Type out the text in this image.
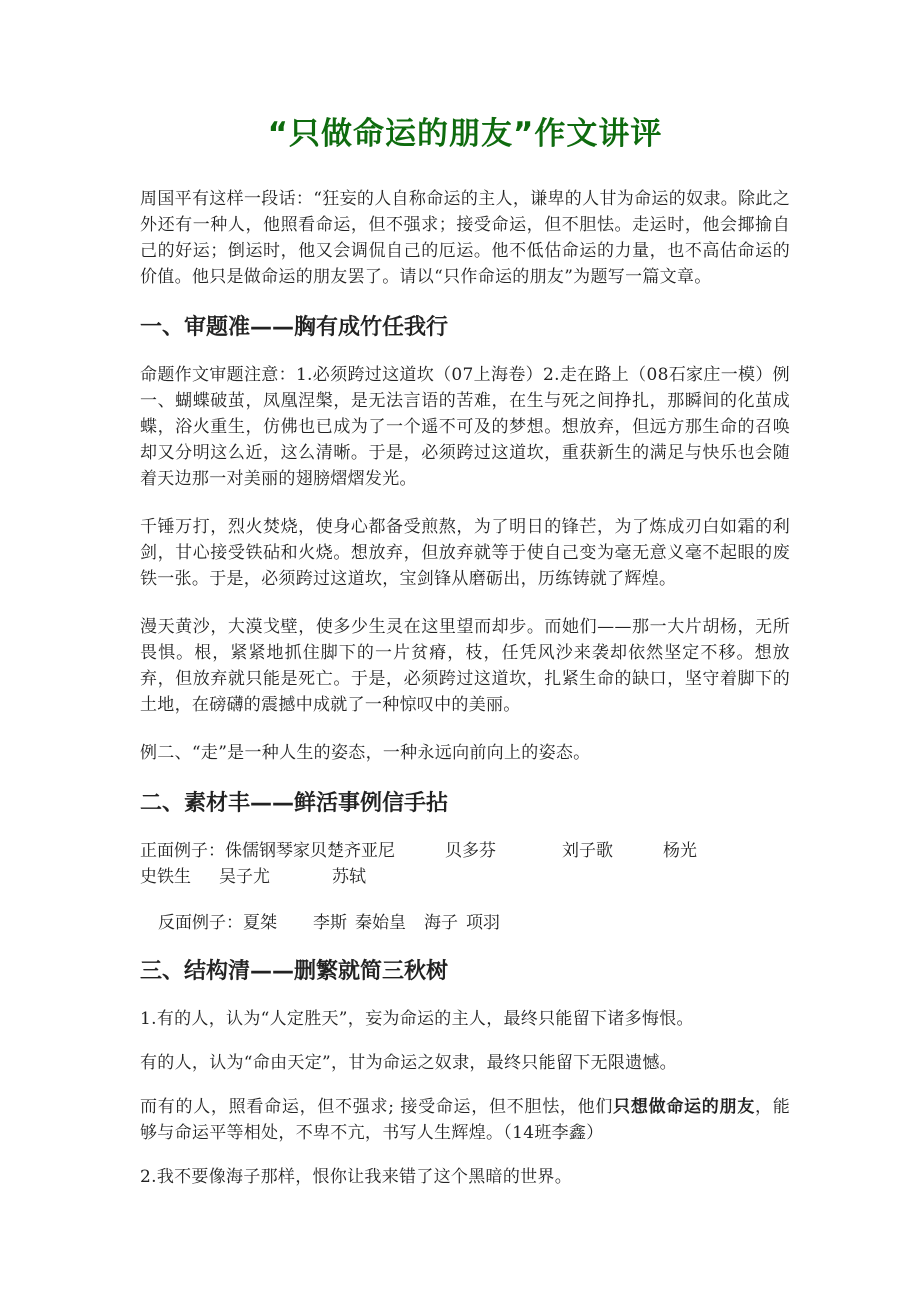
“只做命运的朋友”作文讲评

周国平有这样一段话：“狂妄的人自称命运的主人，谦卑的人甘为命运的奴隶。除此之外还有一种人，他照看命运，但不强求；接受命运，但不胆怯。走运时，他会揶揄自己的好运；倒运时，他又会调侃自己的厄运。他不低估命运的力量，也不高估命运的价值。他只是做命运的朋友罢了。请以“只作命运的朋友”为题写一篇文章。

一、审题准——胸有成竹任我行

命题作文审题注意：1.必须跨过这道坎（07上海卷）2.走在路上（08石家庄一模）例一、蝴蝶破茧，凤凰涅槃，是无法言语的苦难，在生与死之间挣扎，那瞬间的化茧成蝶，浴火重生，仿佛也已成为了一个遥不可及的梦想。想放弃，但远方那生命的召唤却又分明这么近，这么清晰。于是，必须跨过这道坎，重获新生的满足与快乐也会随着天边那一对美丽的翅膀熠熠发光。

千锤万打，烈火焚烧，使身心都备受煎熬，为了明日的锋芒，为了炼成刃白如霜的利剑，甘心接受铁砧和火烧。想放弃，但放弃就等于使自己变为毫无意义毫不起眼的废铁一张。于是，必须跨过这道坎，宝剑锋从磨砺出，历练铸就了辉煌。

漫天黄沙，大漠戈壁，使多少生灵在这里望而却步。而她们——那一大片胡杨，无所畏惧。根，紧紧地抓住脚下的一片贫瘠，枝，任凭风沙来袭却依然坚定不移。想放弃，但放弃就只能是死亡。于是，必须跨过这道坎，扎紧生命的缺口，坚守着脚下的土地，在磅礴的震撼中成就了一种惊叹中的美丽。

例二、“走”是一种人生的姿态，一种永远向前向上的姿态。

二、素材丰——鲜活事例信手拈
正面例子： 侏儒钢琴家贝楚齐亚尼	贝多芬	刘子歌	杨光
史铁生 吴子尤	苏轼
反面例子： 夏桀 李斯 秦始皇 海子 项羽
三、结构清——删繁就简三秋树

1.有的人，认为“人定胜天”，妄为命运的主人，最终只能留下诸多悔恨。

有的人，认为“命由天定”，甘为命运之奴隶，最终只能留下无限遗憾。

而有的人，照看命运，但不强求; 接受命运，但不胆怯，他们只想做命运的朋友，能够与命运平等相处，不卑不亢，书写人生辉煌。（14班李鑫）

2.我不要像海子那样，恨你让我来错了这个黑暗的世界。
